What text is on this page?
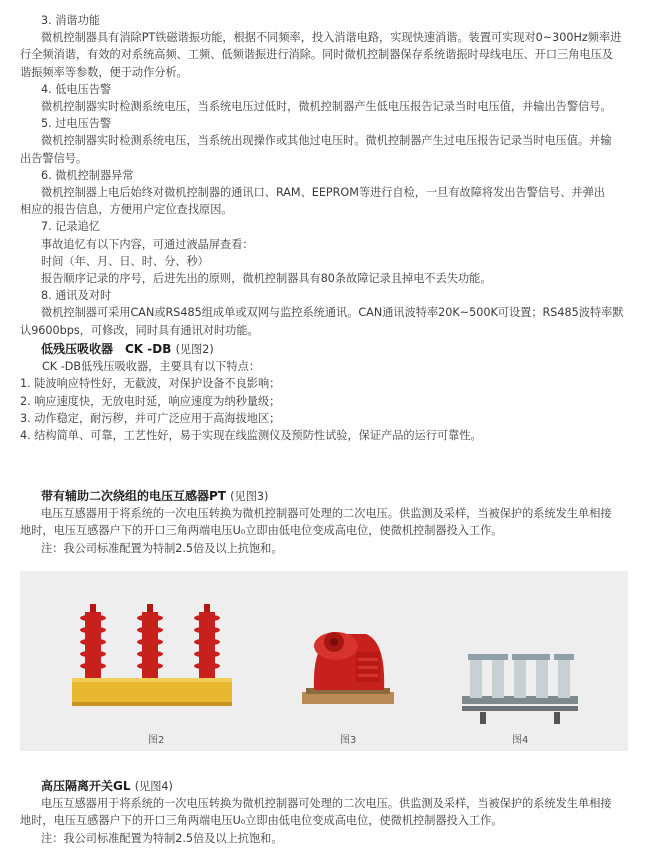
3. 消谐功能
微机控制器具有消除PT铁磁谐振功能，根据不同频率，投入消谐电路，实现快速消谐。装置可实现对0~300Hz频率进
行全频消谐，有效的对系统高频、工频、低频谐振进行消除。同时微机控制器保存系统谐振时母线电压、开口三角电压及
谐振频率等参数，便于动作分析。
4. 低电压告警
微机控制器实时检测系统电压，当系统电压过低时，微机控制器产生低电压报告记录当时电压值，并输出告警信号。
5. 过电压告警
微机控制器实时检测系统电压，当系统出现操作或其他过电压时。微机控制器产生过电压报告记录当时电压值。并输
出告警信号。
6. 微机控制器异常
微机控制器上电后始终对微机控制器的通讯口、RAM、EEPROM等进行自检，一旦有故障将发出告警信号、并弹出
相应的报告信息，方便用户定位查找原因。
7. 记录追忆
事故追忆有以下内容，可通过液晶屏查看：
时间（年、月、日、时、分、秒）
报告顺序记录的序号，后进先出的原则，微机控制器具有80条故障记录且掉电不丢失功能。
8. 通讯及对时
微机控制器可采用CAN或RS485组成单或双网与监控系统通讯。CAN通讯波特率20K~500K可设置；RS485波特率默
认9600bps，可修改，同时具有通讯对时功能。
低残压吸收器　CK -DB (见图2)
CK -DB低残压吸收器，主要具有以下特点：
1. 陡波响应特性好，无截波，对保护设备不良影响；
2. 响应速度快，无放电时延，响应速度为纳秒量级；
3. 动作稳定，耐污秽，并可广泛应用于高海拔地区；
4. 结构简单、可靠，工艺性好，易于实现在线监测仪及预防性试验，保证产品的运行可靠性。
带有辅助二次绕组的电压互感器PT (见图3)
电压互感器用于将系统的一次电压转换为微机控制器可处理的二次电压。供监测及采样，当被保护的系统发生单相接
地时，电压互感器户下的开口三角两端电压U₀立即由低电位变成高电位，使微机控制器投入工作。
注：我公司标准配置为特制2.5倍及以上抗饱和。
图2	图3	图4
高压隔离开关GL (见图4)
电压互感器用于将系统的一次电压转换为微机控制器可处理的二次电压。供监测及采样，当被保护的系统发生单相接
地时，电压互感器户下的开口三角两端电压U₀立即由低电位变成高电位，使微机控制器投入工作。
注：我公司标准配置为特制2.5倍及以上抗饱和。
